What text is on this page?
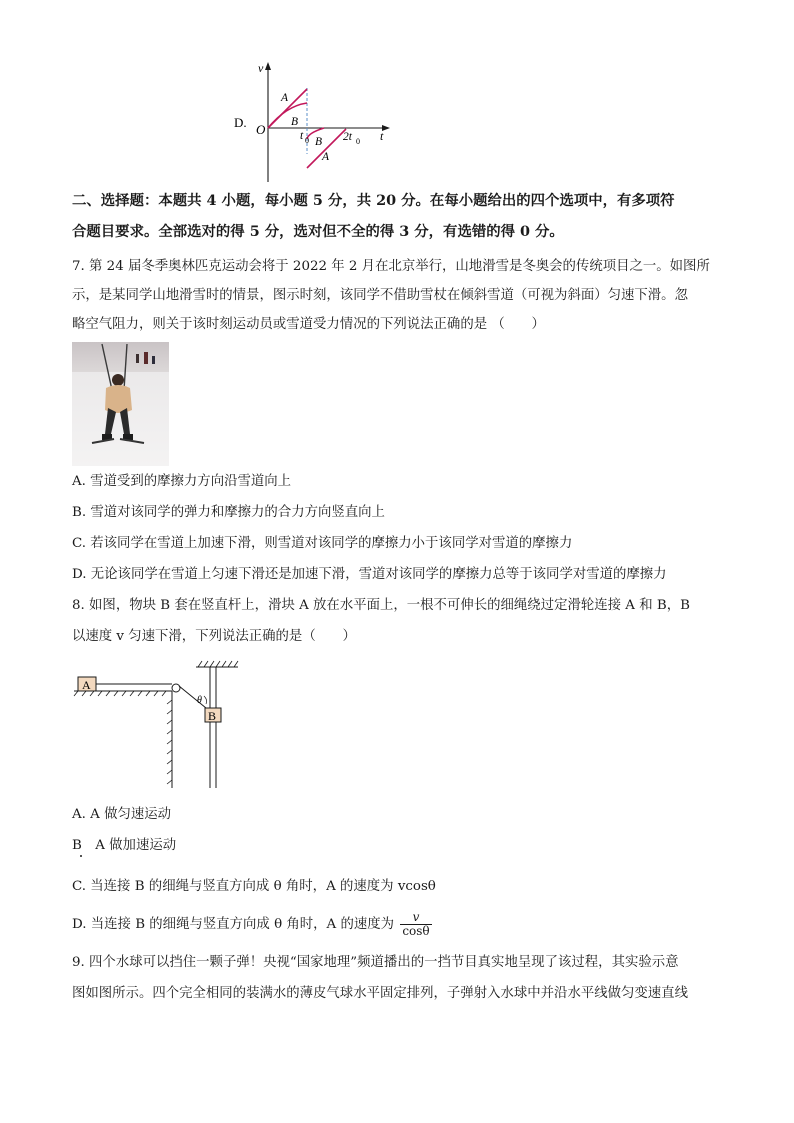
D.
v
O	t
A
B
t 0 B 2t 0
A
二、选择题：本题共 4 小题，每小题 5 分，共 20 分。在每小题给出的四个选项中，有多项符
合题目要求。全部选对的得 5 分，选对但不全的得 3 分，有选错的得 0 分。
7. 第 24 届冬季奥林匹克运动会将于 2022 年 2 月在北京举行，山地滑雪是冬奥会的传统项目之一。如图所
示，是某同学山地滑雪时的情景，图示时刻，该同学不借助雪杖在倾斜雪道（可视为斜面）匀速下滑。忽
略空气阻力，则关于该时刻运动员或雪道受力情况的下列说法正确的是 （　　）
A. 雪道受到的摩擦力方向沿雪道向上
B. 雪道对该同学的弹力和摩擦力的合力方向竖直向上
C. 若该同学在雪道上加速下滑，则雪道对该同学的摩擦力小于该同学对雪道的摩擦力
D. 无论该同学在雪道上匀速下滑还是加速下滑，雪道对该同学的摩擦力总等于该同学对雪道的摩擦力
8. 如图，物块 B 套在竖直杆上，滑块 A 放在水平面上，一根不可伸长的细绳绕过定滑轮连接 A 和 B，B
以速度 v 匀速下滑，下列说法正确的是（　　）
A
θ
B
A. A 做匀速运动
B　A 做加速运动
C. 当连接 B 的细绳与竖直方向成 θ 角时，A 的速度为 vcosθ
D. 当连接 B 的细绳与竖直方向成 θ 角时，A 的速度为 $\frac{v}{\cos\theta}$
9. 四个水球可以挡住一颗子弹！央视“国家地理”频道播出的一挡节目真实地呈现了该过程，其实验示意
图如图所示。四个完全相同的装满水的薄皮气球水平固定排列，子弹射入水球中并沿水平线做匀变速直线
